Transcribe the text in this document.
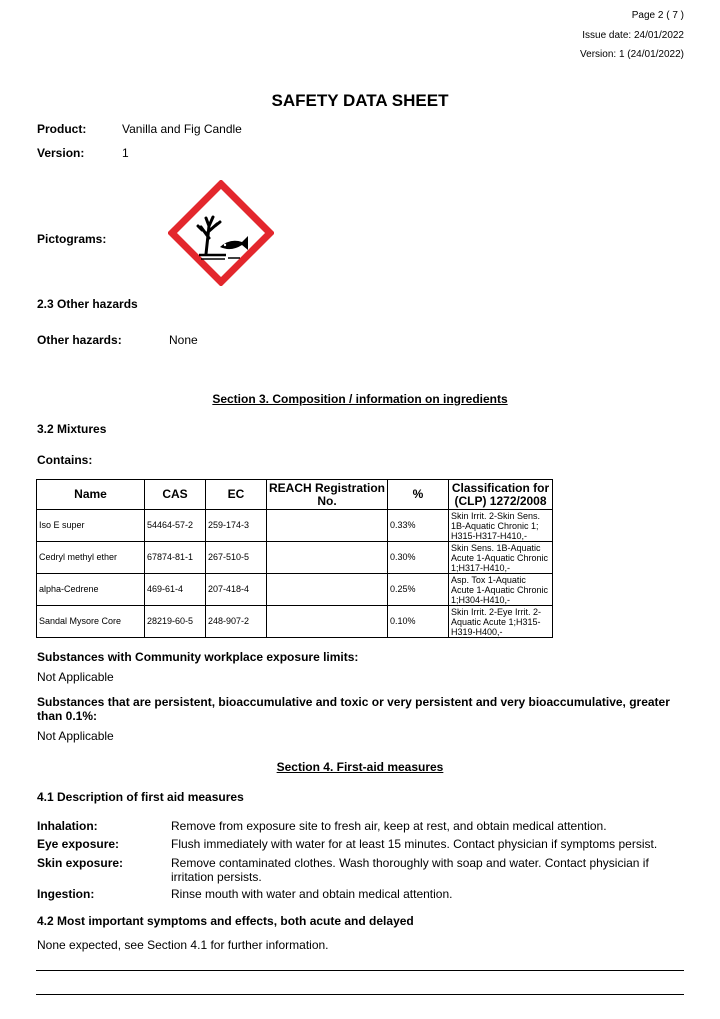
Page 2 ( 7 )
Issue date: 24/01/2022
Version: 1 (24/01/2022)
SAFETY DATA SHEET
Product:	Vanilla and Fig Candle
Version:	1
Pictograms:
2.3 Other hazards
Other hazards:	None
Section 3. Composition / information on ingredients
3.2 Mixtures
Contains:
Name	CAS	EC	REACH Registration No.	%	Classification for (CLP) 1272/2008
Iso E super	54464-57-2	259-174-3		0.33%	Skin Irrit. 2-Skin Sens. 1B-Aquatic Chronic 1; H315-H317-H410,-
Cedryl methyl ether	67874-81-1	267-510-5		0.30%	Skin Sens. 1B-Aquatic Acute 1-Aquatic Chronic 1;H317-H410,-
alpha-Cedrene	469-61-4	207-418-4		0.25%	Asp. Tox 1-Aquatic Acute 1-Aquatic Chronic 1;H304-H410,-
Sandal Mysore Core	28219-60-5	248-907-2		0.10%	Skin Irrit. 2-Eye Irrit. 2-Aquatic Acute 1;H315-H319-H400,-
Substances with Community workplace exposure limits:
Not Applicable
Substances that are persistent, bioaccumulative and toxic or very persistent and very bioaccumulative, greater than 0.1%:
Not Applicable
Section 4. First-aid measures
4.1 Description of first aid measures
Inhalation:	Remove from exposure site to fresh air, keep at rest, and obtain medical attention.
Eye exposure:	Flush immediately with water for at least 15 minutes. Contact physician if symptoms persist.
Skin exposure:	Remove contaminated clothes. Wash thoroughly with soap and water. Contact physician if irritation persists.
Ingestion:	Rinse mouth with water and obtain medical attention.
4.2 Most important symptoms and effects, both acute and delayed
None expected, see Section 4.1 for further information.
